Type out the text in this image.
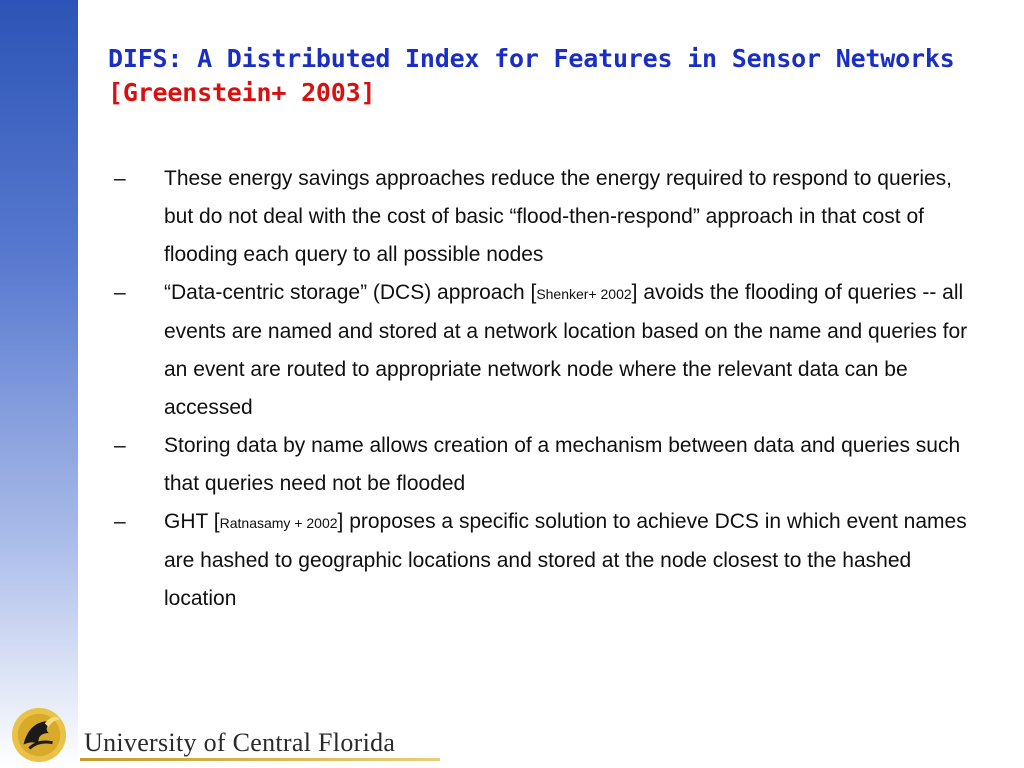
DIFS: A Distributed Index for Features in Sensor Networks [Greenstein+ 2003]
–	These energy savings approaches reduce the energy required to respond to queries, but do not deal with the cost of basic “flood-then-respond” approach in that cost of flooding each query to all possible nodes
–	“Data-centric storage” (DCS) approach [Shenker+ 2002] avoids the flooding of queries -- all events are named and stored at a network location based on the name and queries for an event are routed to appropriate network node where the relevant data can be accessed
–	Storing data by name allows creation of a mechanism between data and queries such that queries need not be flooded
–	GHT [Ratnasamy + 2002] proposes a specific solution to achieve DCS in which event names are hashed to geographic locations and stored at the node closest to the hashed location
University of Central Florida
